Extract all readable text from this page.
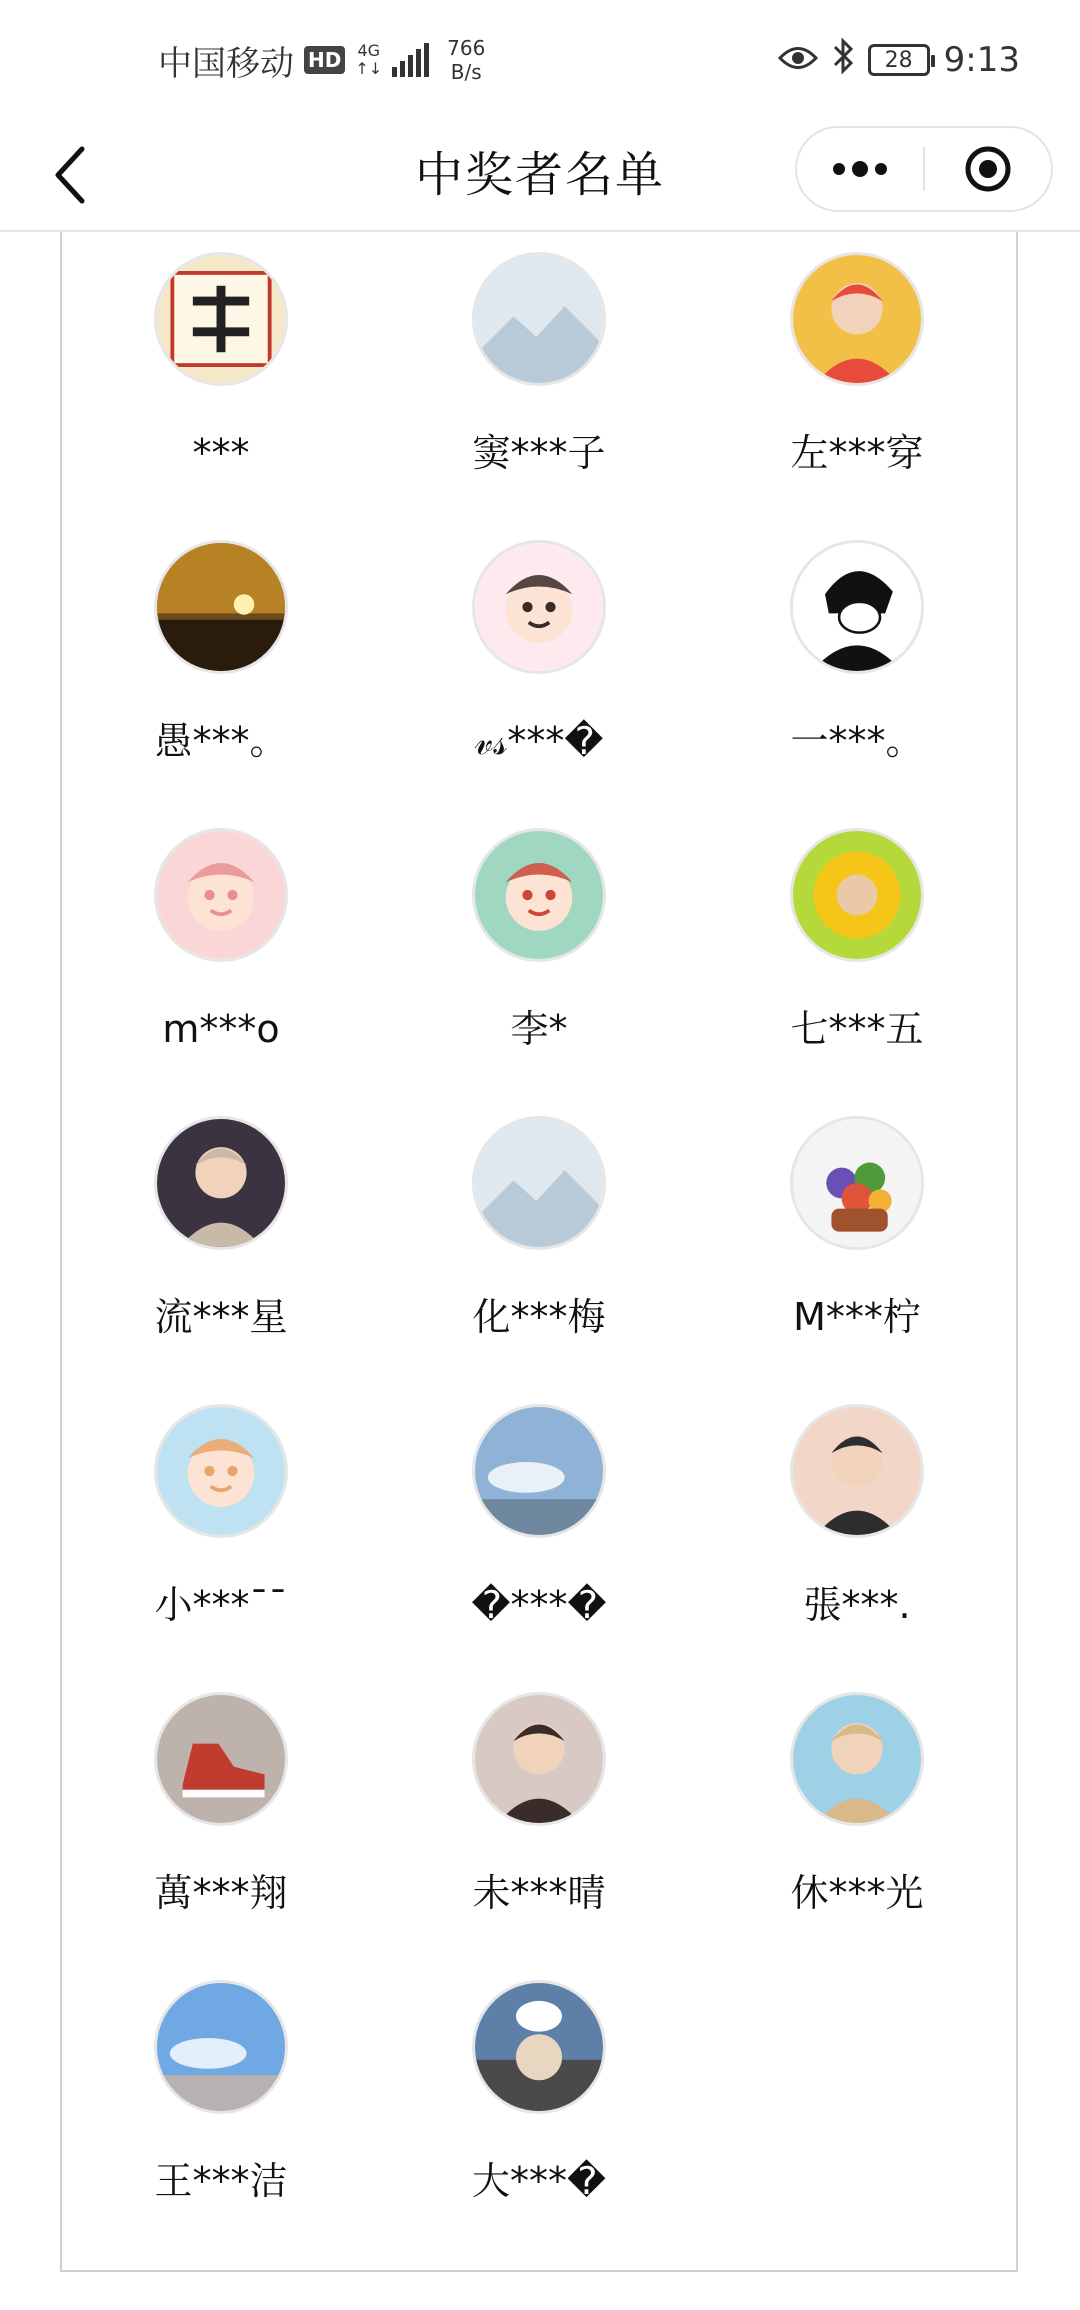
中国移动 HD 4G
↑↓
766
B/s	28 9:13
中奖者名单
***	窦***子	左***穿
愚***。	𝓋𝓈***�	一***。
m***o	李*	七***五
流***星	化***梅	M***柠
小***¯¯	�***�	張***.
萬***翔	未***晴	休***光
王***洁	大***�
